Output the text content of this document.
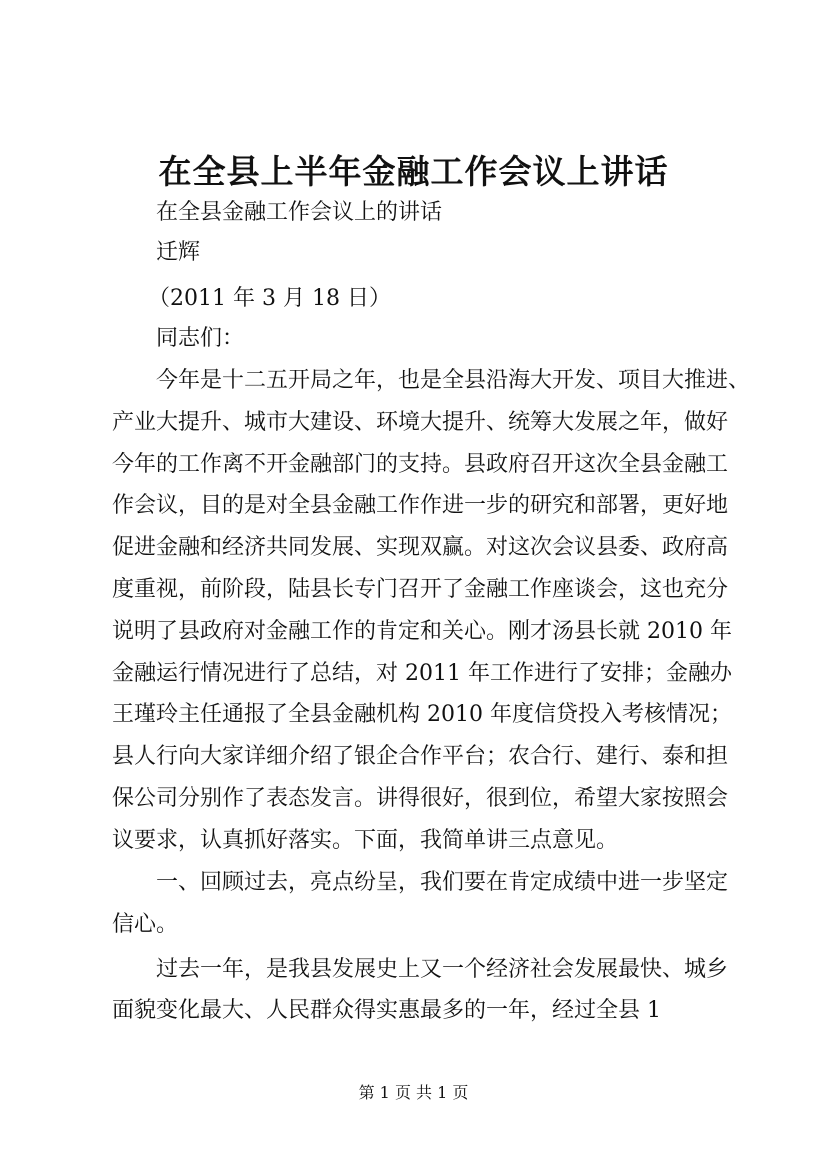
在全县上半年金融工作会议上讲话
在全县金融工作会议上的讲话
迁辉
（2011 年 3 月 18 日）
同志们：
今年是十二五开局之年，也是全县沿海大开发、项目大推进、
产业大提升、城市大建设、环境大提升、统筹大发展之年，做好
今年的工作离不开金融部门的支持。县政府召开这次全县金融工
作会议，目的是对全县金融工作作进一步的研究和部署，更好地
促进金融和经济共同发展、实现双赢。对这次会议县委、政府高
度重视，前阶段，陆县长专门召开了金融工作座谈会，这也充分
说明了县政府对金融工作的肯定和关心。刚才汤县长就 2010 年
金融运行情况进行了总结，对 2011 年工作进行了安排；金融办
王瑾玲主任通报了全县金融机构 2010 年度信贷投入考核情况；
县人行向大家详细介绍了银企合作平台；农合行、建行、泰和担
保公司分别作了表态发言。讲得很好，很到位，希望大家按照会
议要求，认真抓好落实。下面，我简单讲三点意见。
一、回顾过去，亮点纷呈，我们要在肯定成绩中进一步坚定
信心。
过去一年，是我县发展史上又一个经济社会发展最快、城乡
面貌变化最大、人民群众得实惠最多的一年，经过全县 1
第 1 页 共 1 页
